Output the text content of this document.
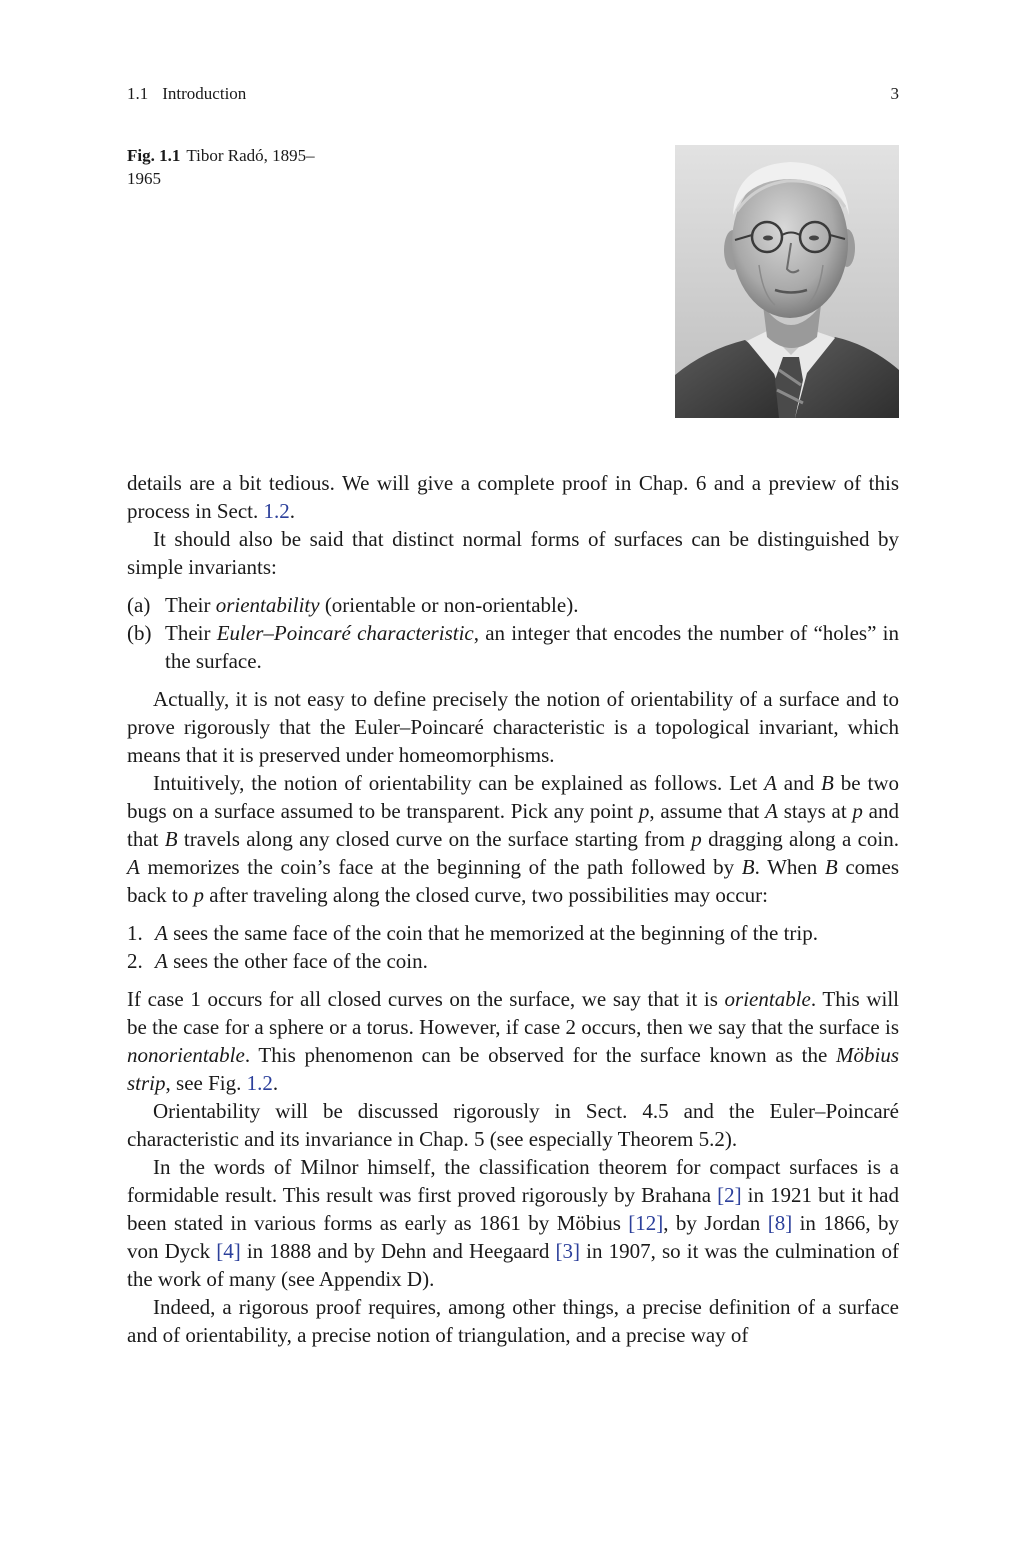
1.1 Introduction	3
Fig. 1.1 Tibor Radó, 1895–1965

details are a bit tedious. We will give a complete proof in Chap. 6 and a preview of this process in Sect. 1.2.

It should also be said that distinct normal forms of surfaces can be distinguished by simple invariants:

(a) Their orientability (orientable or non-orientable).
(b) Their Euler–Poincaré characteristic, an integer that encodes the number of “holes” in the surface.

Actually, it is not easy to define precisely the notion of orientability of a surface and to prove rigorously that the Euler–Poincaré characteristic is a topological invariant, which means that it is preserved under homeomorphisms.

Intuitively, the notion of orientability can be explained as follows. Let A and B be two bugs on a surface assumed to be transparent. Pick any point p, assume that A stays at p and that B travels along any closed curve on the surface starting from p dragging along a coin. A memorizes the coin’s face at the beginning of the path followed by B. When B comes back to p after traveling along the closed curve, two possibilities may occur:

1. A sees the same face of the coin that he memorized at the beginning of the trip.
2. A sees the other face of the coin.

If case 1 occurs for all closed curves on the surface, we say that it is orientable. This will be the case for a sphere or a torus. However, if case 2 occurs, then we say that the surface is nonorientable. This phenomenon can be observed for the surface known as the Möbius strip, see Fig. 1.2.

Orientability will be discussed rigorously in Sect. 4.5 and the Euler–Poincaré characteristic and its invariance in Chap. 5 (see especially Theorem 5.2).

In the words of Milnor himself, the classification theorem for compact surfaces is a formidable result. This result was first proved rigorously by Brahana [2] in 1921 but it had been stated in various forms as early as 1861 by Möbius [12], by Jordan [8] in 1866, by von Dyck [4] in 1888 and by Dehn and Heegaard [3] in 1907, so it was the culmination of the work of many (see Appendix D).

Indeed, a rigorous proof requires, among other things, a precise definition of a surface and of orientability, a precise notion of triangulation, and a precise way of
